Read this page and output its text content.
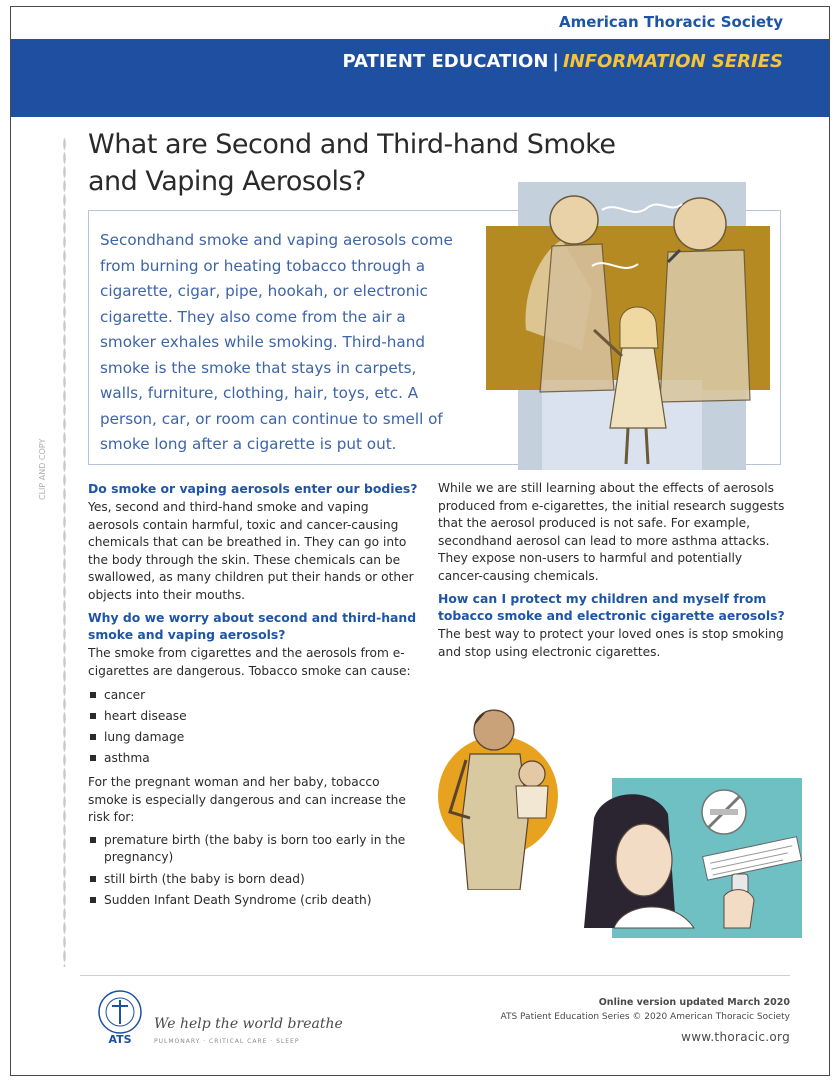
American Thoracic Society
PATIENT EDUCATION | INFORMATION SERIES
CLIP AND COPY
What are Second and Third-hand Smoke
and Vaping Aerosols?
Secondhand smoke and vaping aerosols come from burning or heating tobacco through a cigarette, cigar, pipe, hookah, or electronic cigarette. They also come from the air a smoker exhales while smoking. Third-hand smoke is the smoke that stays in carpets, walls, furniture, clothing, hair, toys, etc. A person, car, or room can continue to smell of smoke long after a cigarette is put out.
Do smoke or vaping aerosols enter our bodies?
Yes, second and third-hand smoke and vaping aerosols contain harmful, toxic and cancer-causing chemicals that can be breathed in. They can go into the body through the skin. These chemicals can be swallowed, as many children put their hands or other objects into their mouths.
Why do we worry about second and third-hand smoke and vaping aerosols?
The smoke from cigarettes and the aerosols from e-cigarettes are dangerous. Tobacco smoke can cause:
cancer
heart disease
lung damage
asthma
For the pregnant woman and her baby, tobacco smoke is especially dangerous and can increase the risk for:
premature birth (the baby is born too early in the pregnancy)
still birth (the baby is born dead)
Sudden Infant Death Syndrome (crib death)
While we are still learning about the effects of aerosols produced from e-cigarettes, the initial research suggests that the aerosol produced is not safe. For example, secondhand aerosol can lead to more asthma attacks. They expose non-users to harmful and potentially cancer-causing chemicals.
How can I protect my children and myself from tobacco smoke and electronic cigarette aerosols?
The best way to protect your loved ones is stop smoking and stop using electronic cigarettes.
ATS
We help the world breathe
PULMONARY · CRITICAL CARE · SLEEP
Online version updated March 2020
ATS Patient Education Series © 2020 American Thoracic Society
www.thoracic.org
